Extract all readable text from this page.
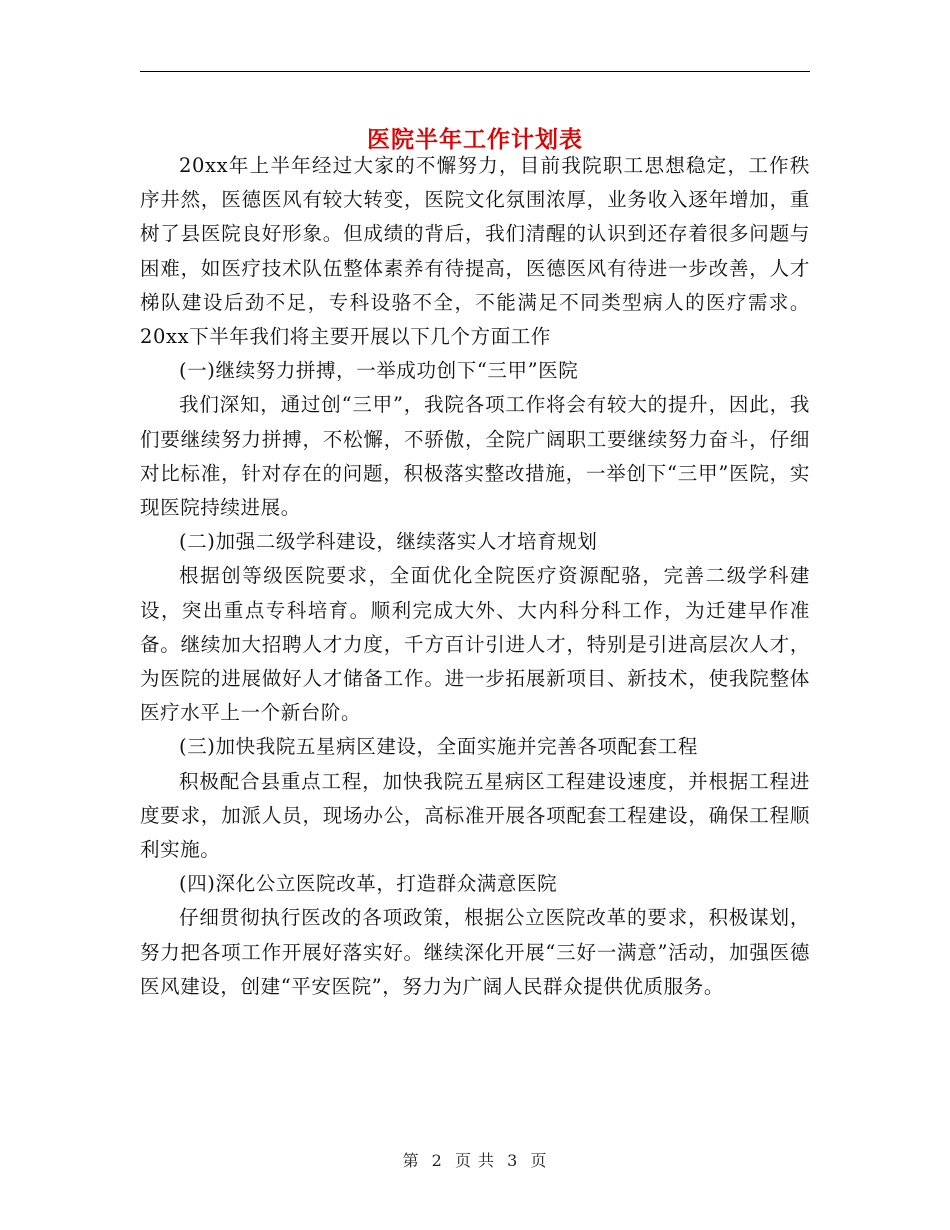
医院半年工作计划表

20xx年上半年经过大家的不懈努力，目前我院职工思想稳定，工作秩序井然，医德医风有较大转变，医院文化氛围浓厚，业务收入逐年增加，重树了县医院良好形象。但成绩的背后，我们清醒的认识到还存着很多问题与困难，如医疗技术队伍整体素养有待提高，医德医风有待进一步改善，人才梯队建设后劲不足，专科设骆不全，不能满足不同类型病人的医疗需求。20xx下半年我们将主要开展以下几个方面工作

(一)继续努力拼搏，一举成功创下“三甲”医院

我们深知，通过创“三甲”，我院各项工作将会有较大的提升，因此，我们要继续努力拼搏，不松懈，不骄傲，全院广阔职工要继续努力奋斗，仔细对比标准，针对存在的问题，积极落实整改措施，一举创下“三甲”医院，实现医院持续进展。

(二)加强二级学科建设，继续落实人才培育规划

根据创等级医院要求，全面优化全院医疗资源配骆，完善二级学科建设，突出重点专科培育。顺利完成大外、大内科分科工作，为迁建早作准备。继续加大招聘人才力度，千方百计引进人才，特别是引进高层次人才，为医院的进展做好人才储备工作。进一步拓展新项目、新技术，使我院整体医疗水平上一个新台阶。

(三)加快我院五星病区建设，全面实施并完善各项配套工程

积极配合县重点工程，加快我院五星病区工程建设速度，并根据工程进度要求，加派人员，现场办公，高标准开展各项配套工程建设，确保工程顺利实施。

(四)深化公立医院改革，打造群众满意医院

仔细贯彻执行医改的各项政策，根据公立医院改革的要求，积极谋划，努力把各项工作开展好落实好。继续深化开展“三好一满意”活动，加强医德医风建设，创建“平安医院”，努力为广阔人民群众提供优质服务。

第 2 页 共 3 页
